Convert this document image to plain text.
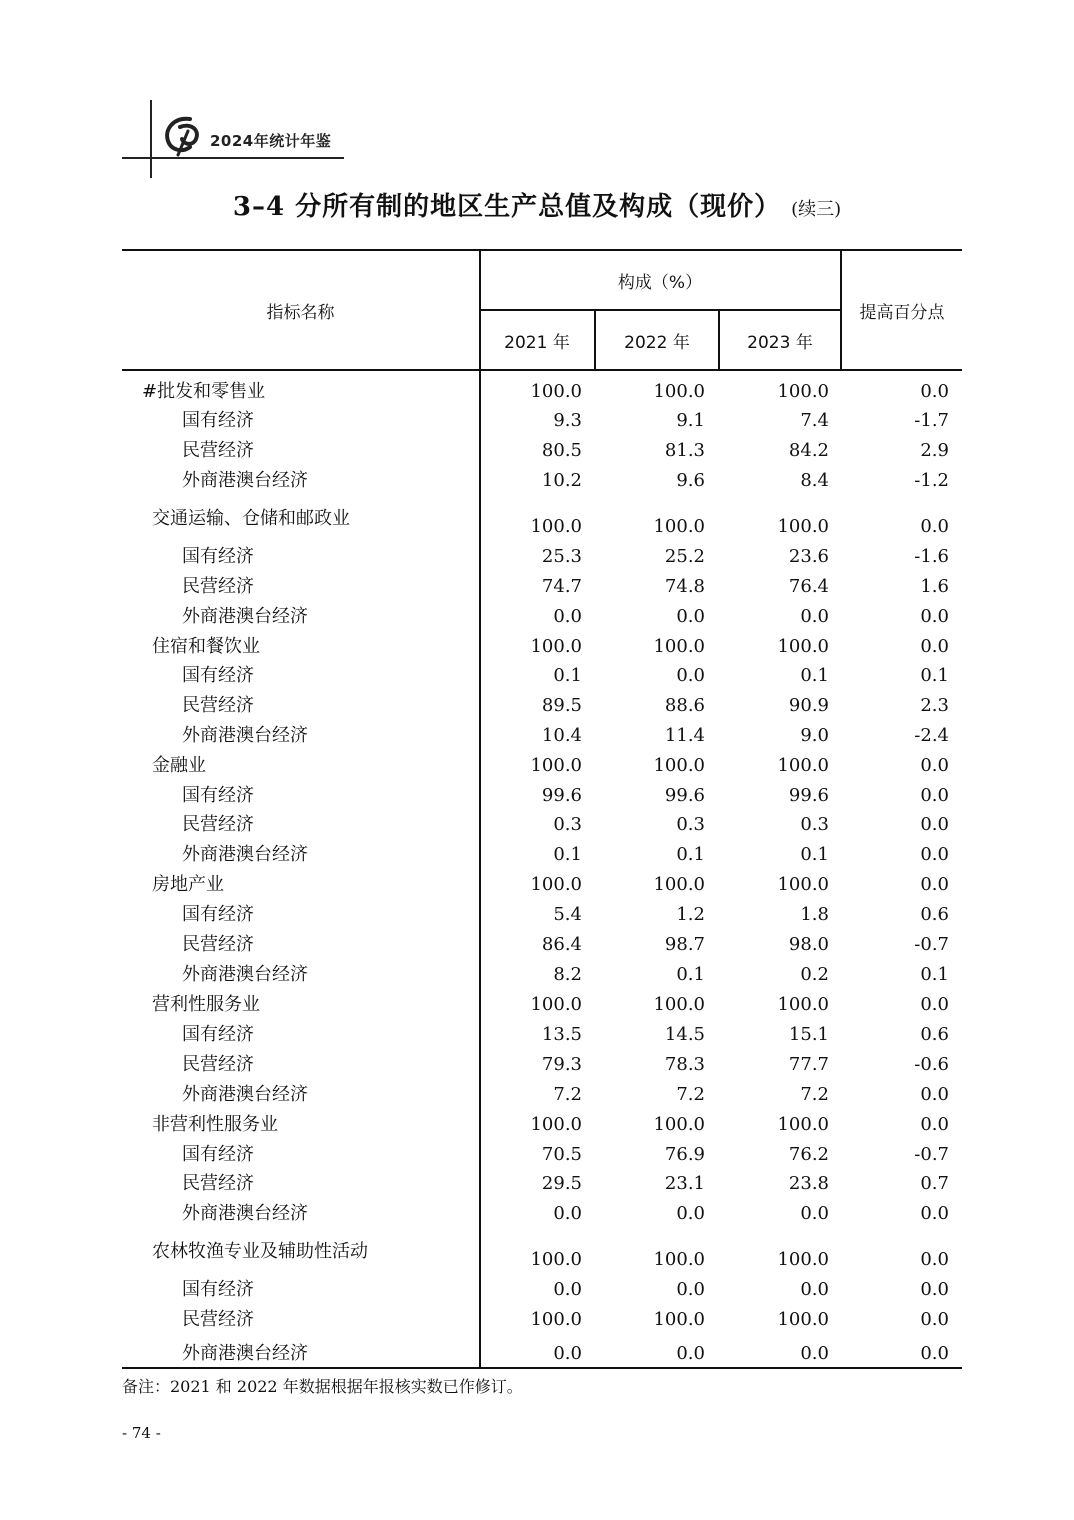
2024年统计年鉴
3–4 分所有制的地区生产总值及构成（现价） (续三)
指标名称
构成（%）
2021 年	2022 年	2023 年
提高百分点
#批发和零售业	100.0	100.0	100.0	0.0
国有经济	9.3	9.1	7.4	-1.7
民营经济	80.5	81.3	84.2	2.9
外商港澳台经济	10.2	9.6	8.4	-1.2
交通运输、仓储和邮政业	100.0	100.0	100.0	0.0
国有经济	25.3	25.2	23.6	-1.6
民营经济	74.7	74.8	76.4	1.6
外商港澳台经济	0.0	0.0	0.0	0.0
住宿和餐饮业	100.0	100.0	100.0	0.0
国有经济	0.1	0.0	0.1	0.1
民营经济	89.5	88.6	90.9	2.3
外商港澳台经济	10.4	11.4	9.0	-2.4
金融业	100.0	100.0	100.0	0.0
国有经济	99.6	99.6	99.6	0.0
民营经济	0.3	0.3	0.3	0.0
外商港澳台经济	0.1	0.1	0.1	0.0
房地产业	100.0	100.0	100.0	0.0
国有经济	5.4	1.2	1.8	0.6
民营经济	86.4	98.7	98.0	-0.7
外商港澳台经济	8.2	0.1	0.2	0.1
营利性服务业	100.0	100.0	100.0	0.0
国有经济	13.5	14.5	15.1	0.6
民营经济	79.3	78.3	77.7	-0.6
外商港澳台经济	7.2	7.2	7.2	0.0
非营利性服务业	100.0	100.0	100.0	0.0
国有经济	70.5	76.9	76.2	-0.7
民营经济	29.5	23.1	23.8	0.7
外商港澳台经济	0.0	0.0	0.0	0.0
农林牧渔专业及辅助性活动	100.0	100.0	100.0	0.0
国有经济	0.0	0.0	0.0	0.0
民营经济	100.0	100.0	100.0	0.0
外商港澳台经济	0.0	0.0	0.0	0.0
备注：2021 和 2022 年数据根据年报核实数已作修订。
- 74 -
